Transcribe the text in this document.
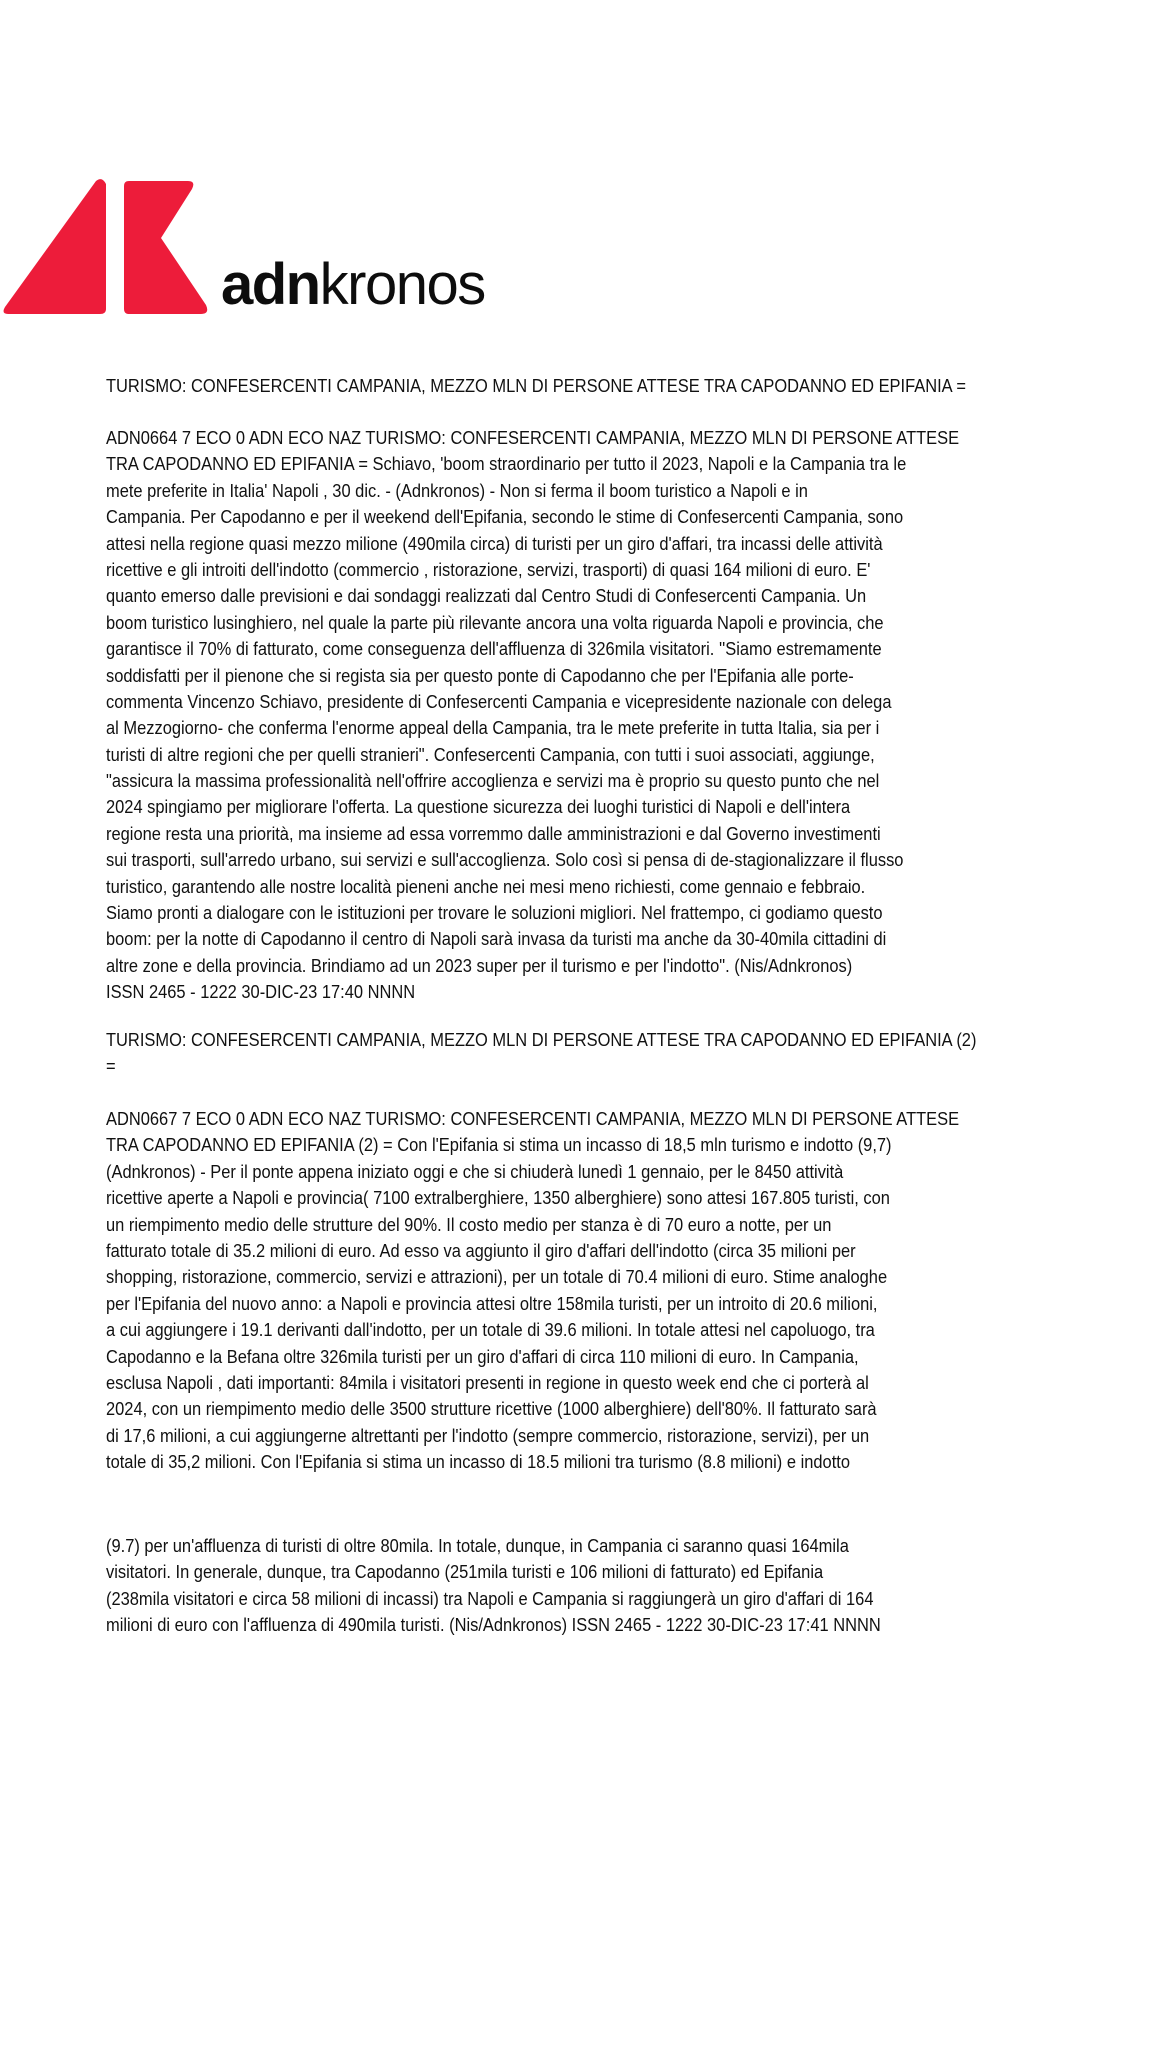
adnkronos
TURISMO: CONFESERCENTI CAMPANIA, MEZZO MLN DI PERSONE ATTESE TRA CAPODANNO ED EPIFANIA =
ADN0664 7 ECO 0 ADN ECO NAZ TURISMO: CONFESERCENTI CAMPANIA, MEZZO MLN DI PERSONE ATTESE
TRA CAPODANNO ED EPIFANIA = Schiavo, 'boom straordinario per tutto il 2023, Napoli e la Campania tra le
mete preferite in Italia' Napoli , 30 dic. - (Adnkronos) - Non si ferma il boom turistico a Napoli e in
Campania. Per Capodanno e per il weekend dell'Epifania, secondo le stime di Confesercenti Campania, sono
attesi nella regione quasi mezzo milione (490mila circa) di turisti per un giro d'affari, tra incassi delle attività
ricettive e gli introiti dell'indotto (commercio , ristorazione, servizi, trasporti) di quasi 164 milioni di euro. E'
quanto emerso dalle previsioni e dai sondaggi realizzati dal Centro Studi di Confesercenti Campania. Un
boom turistico lusinghiero, nel quale la parte più rilevante ancora una volta riguarda Napoli e provincia, che
garantisce il 70% di fatturato, come conseguenza dell'affluenza di 326mila visitatori. ''Siamo estremamente
soddisfatti per il pienone che si regista sia per questo ponte di Capodanno che per l'Epifania alle porte-
commenta Vincenzo Schiavo, presidente di Confesercenti Campania e vicepresidente nazionale con delega
al Mezzogiorno- che conferma l'enorme appeal della Campania, tra le mete preferite in tutta Italia, sia per i
turisti di altre regioni che per quelli stranieri". Confesercenti Campania, con tutti i suoi associati, aggiunge,
"assicura la massima professionalità nell'offrire accoglienza e servizi ma è proprio su questo punto che nel
2024 spingiamo per migliorare l'offerta. La questione sicurezza dei luoghi turistici di Napoli e dell'intera
regione resta una priorità, ma insieme ad essa vorremmo dalle amministrazioni e dal Governo investimenti
sui trasporti, sull'arredo urbano, sui servizi e sull'accoglienza. Solo così si pensa di de-stagionalizzare il flusso
turistico, garantendo alle nostre località pieneni anche nei mesi meno richiesti, come gennaio e febbraio.
Siamo pronti a dialogare con le istituzioni per trovare le soluzioni migliori. Nel frattempo, ci godiamo questo
boom: per la notte di Capodanno il centro di Napoli sarà invasa da turisti ma anche da 30-40mila cittadini di
altre zone e della provincia. Brindiamo ad un 2023 super per il turismo e per l'indotto". (Nis/Adnkronos)
ISSN 2465 - 1222 30-DIC-23 17:40 NNNN
TURISMO: CONFESERCENTI CAMPANIA, MEZZO MLN DI PERSONE ATTESE TRA CAPODANNO ED EPIFANIA (2)
=
ADN0667 7 ECO 0 ADN ECO NAZ TURISMO: CONFESERCENTI CAMPANIA, MEZZO MLN DI PERSONE ATTESE
TRA CAPODANNO ED EPIFANIA (2) = Con l'Epifania si stima un incasso di 18,5 mln turismo e indotto (9,7)
(Adnkronos) - Per il ponte appena iniziato oggi e che si chiuderà lunedì 1 gennaio, per le 8450 attività
ricettive aperte a Napoli e provincia( 7100 extralberghiere, 1350 alberghiere) sono attesi 167.805 turisti, con
un riempimento medio delle strutture del 90%. Il costo medio per stanza è di 70 euro a notte, per un
fatturato totale di 35.2 milioni di euro. Ad esso va aggiunto il giro d'affari dell'indotto (circa 35 milioni per
shopping, ristorazione, commercio, servizi e attrazioni), per un totale di 70.4 milioni di euro. Stime analoghe
per l'Epifania del nuovo anno: a Napoli e provincia attesi oltre 158mila turisti, per un introito di 20.6 milioni,
a cui aggiungere i 19.1 derivanti dall'indotto, per un totale di 39.6 milioni. In totale attesi nel capoluogo, tra
Capodanno e la Befana oltre 326mila turisti per un giro d'affari di circa 110 milioni di euro. In Campania,
esclusa Napoli , dati importanti: 84mila i visitatori presenti in regione in questo week end che ci porterà al
2024, con un riempimento medio delle 3500 strutture ricettive (1000 alberghiere) dell'80%. Il fatturato sarà
di 17,6 milioni, a cui aggiungerne altrettanti per l'indotto (sempre commercio, ristorazione, servizi), per un
totale di 35,2 milioni. Con l'Epifania si stima un incasso di 18.5 milioni tra turismo (8.8 milioni) e indotto
(9.7) per un'affluenza di turisti di oltre 80mila. In totale, dunque, in Campania ci saranno quasi 164mila
visitatori. In generale, dunque, tra Capodanno (251mila turisti e 106 milioni di fatturato) ed Epifania
(238mila visitatori e circa 58 milioni di incassi) tra Napoli e Campania si raggiungerà un giro d'affari di 164
milioni di euro con l'affluenza di 490mila turisti. (Nis/Adnkronos) ISSN 2465 - 1222 30-DIC-23 17:41 NNNN
